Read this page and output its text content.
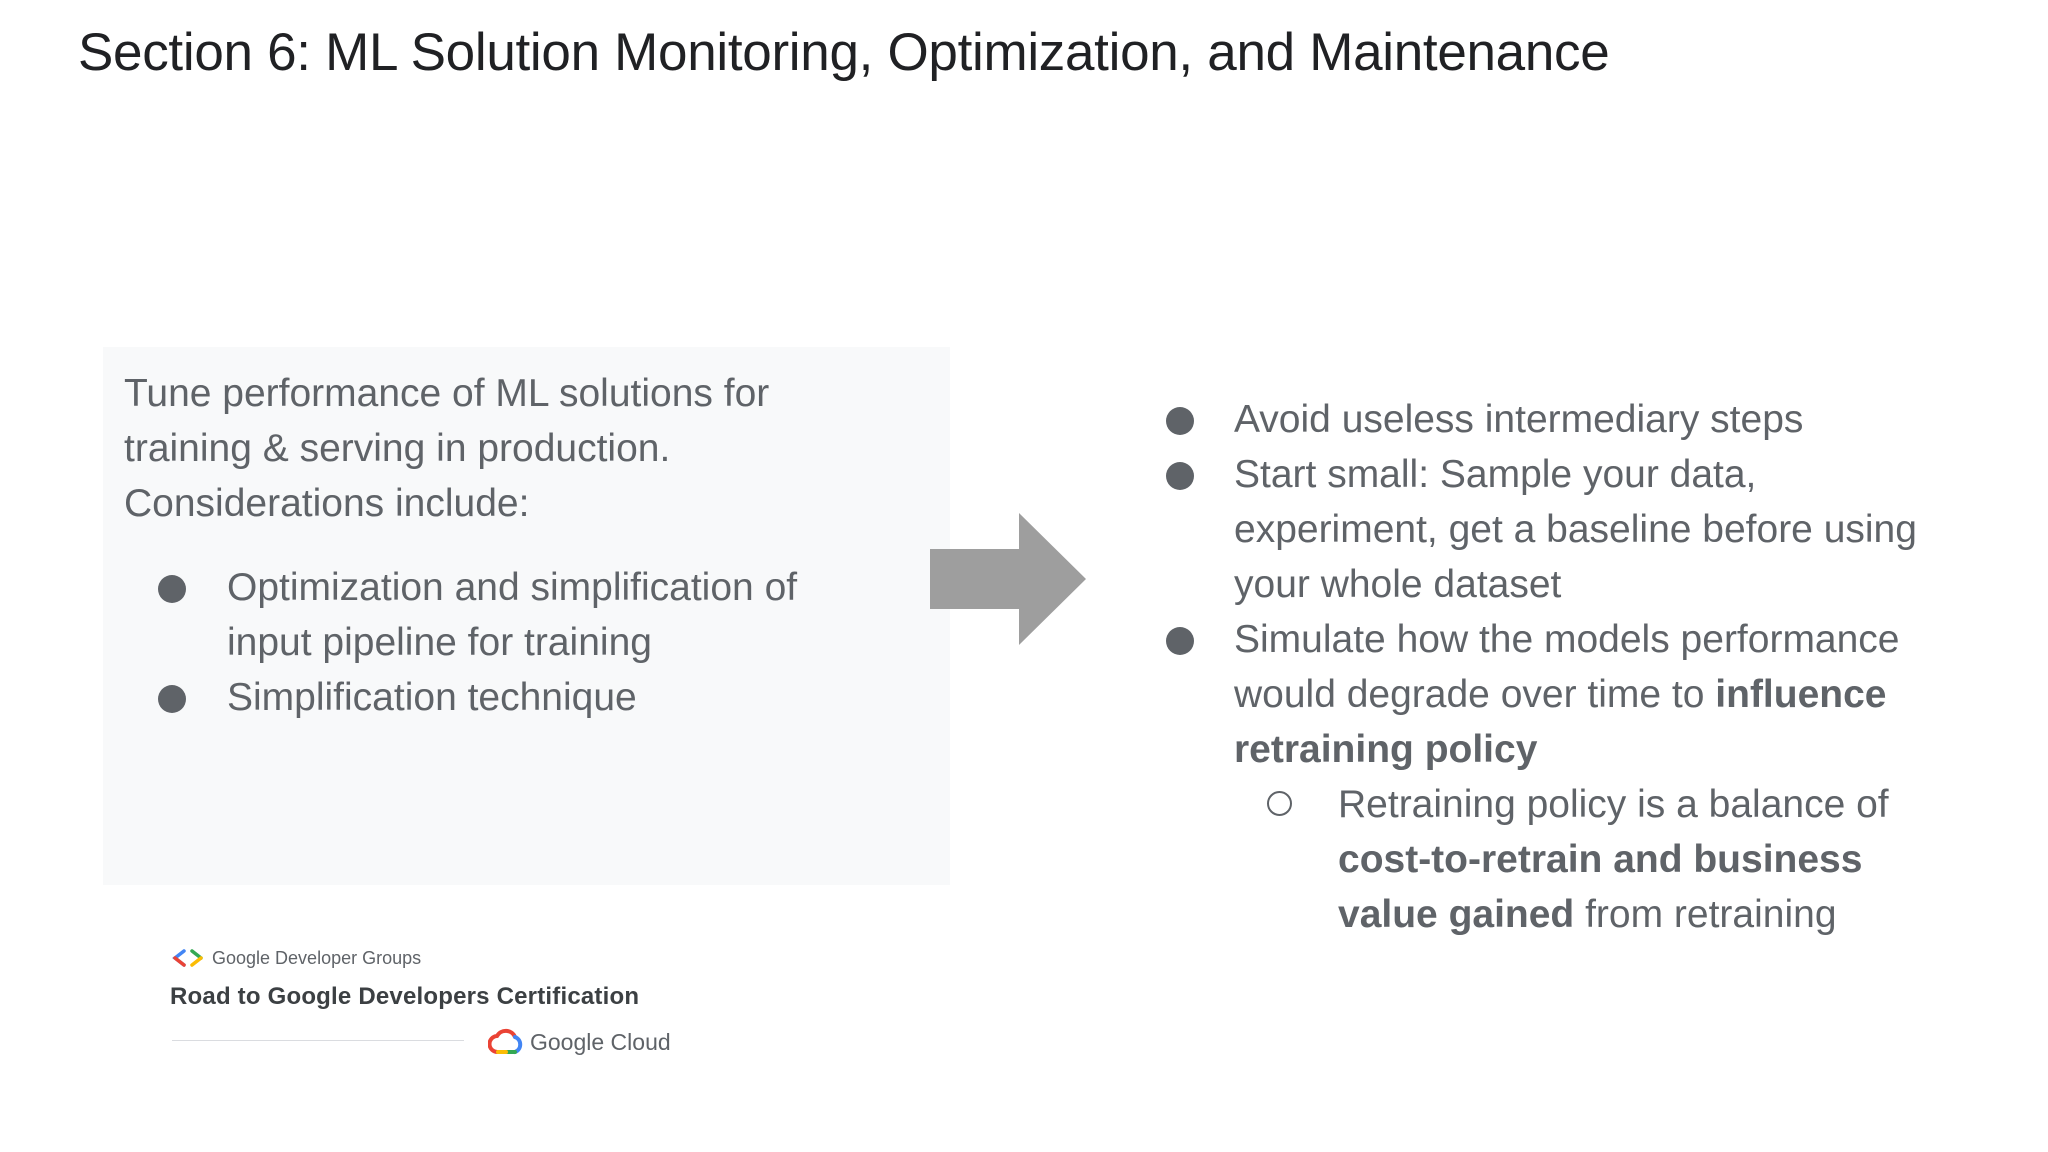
Section 6: ML Solution Monitoring, Optimization, and Maintenance
Tune performance of ML solutions for
training & serving in production.
Considerations include:
Optimization and simplification of
input pipeline for training
Simplification technique
Avoid useless intermediary steps
Start small: Sample your data,
experiment, get a baseline before using
your whole dataset
Simulate how the models performance
would degrade over time to influence
retraining policy
Retraining policy is a balance of
cost-to-retrain and business
value gained from retraining
Google Developer Groups
Road to Google Developers Certification
Google Cloud
